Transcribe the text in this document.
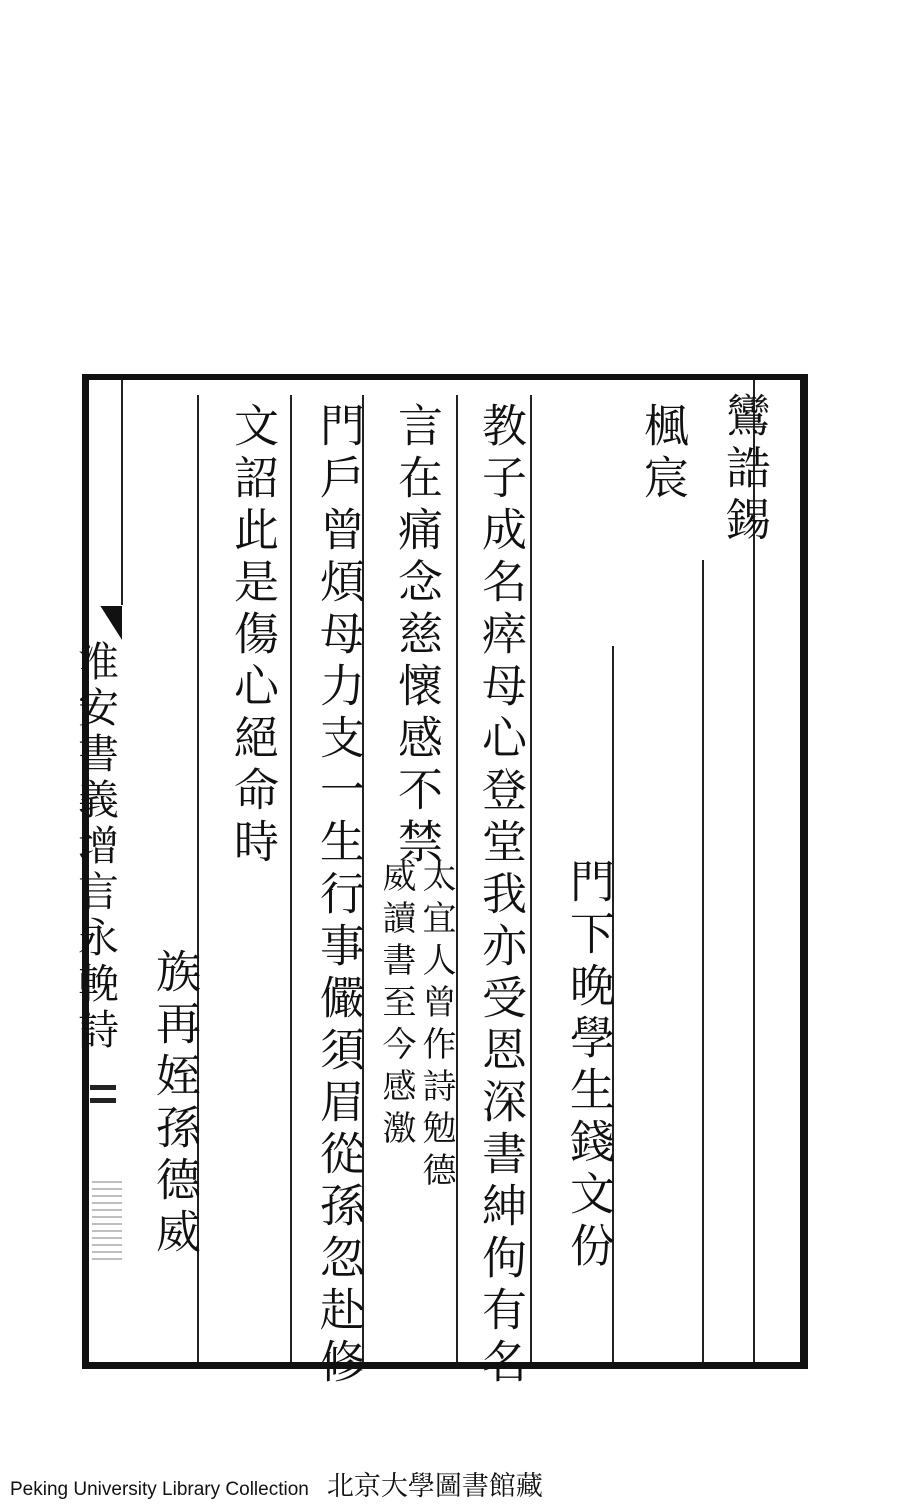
鸞誥錫
楓宸
門下晚學生錢文份
教子成名瘁母心登堂我亦受恩深書紳佝有名
言在痛念慈懷感不禁
太宜人曾作詩勉德
威讀書至今感激
門戶曾煩母力支一生行事儼須眉從孫忽赴修
文詔此是傷心絕命時
族再姪孫德威
淮安書義增言永輓詩
Peking University Library Collection 北京大學圖書館藏
